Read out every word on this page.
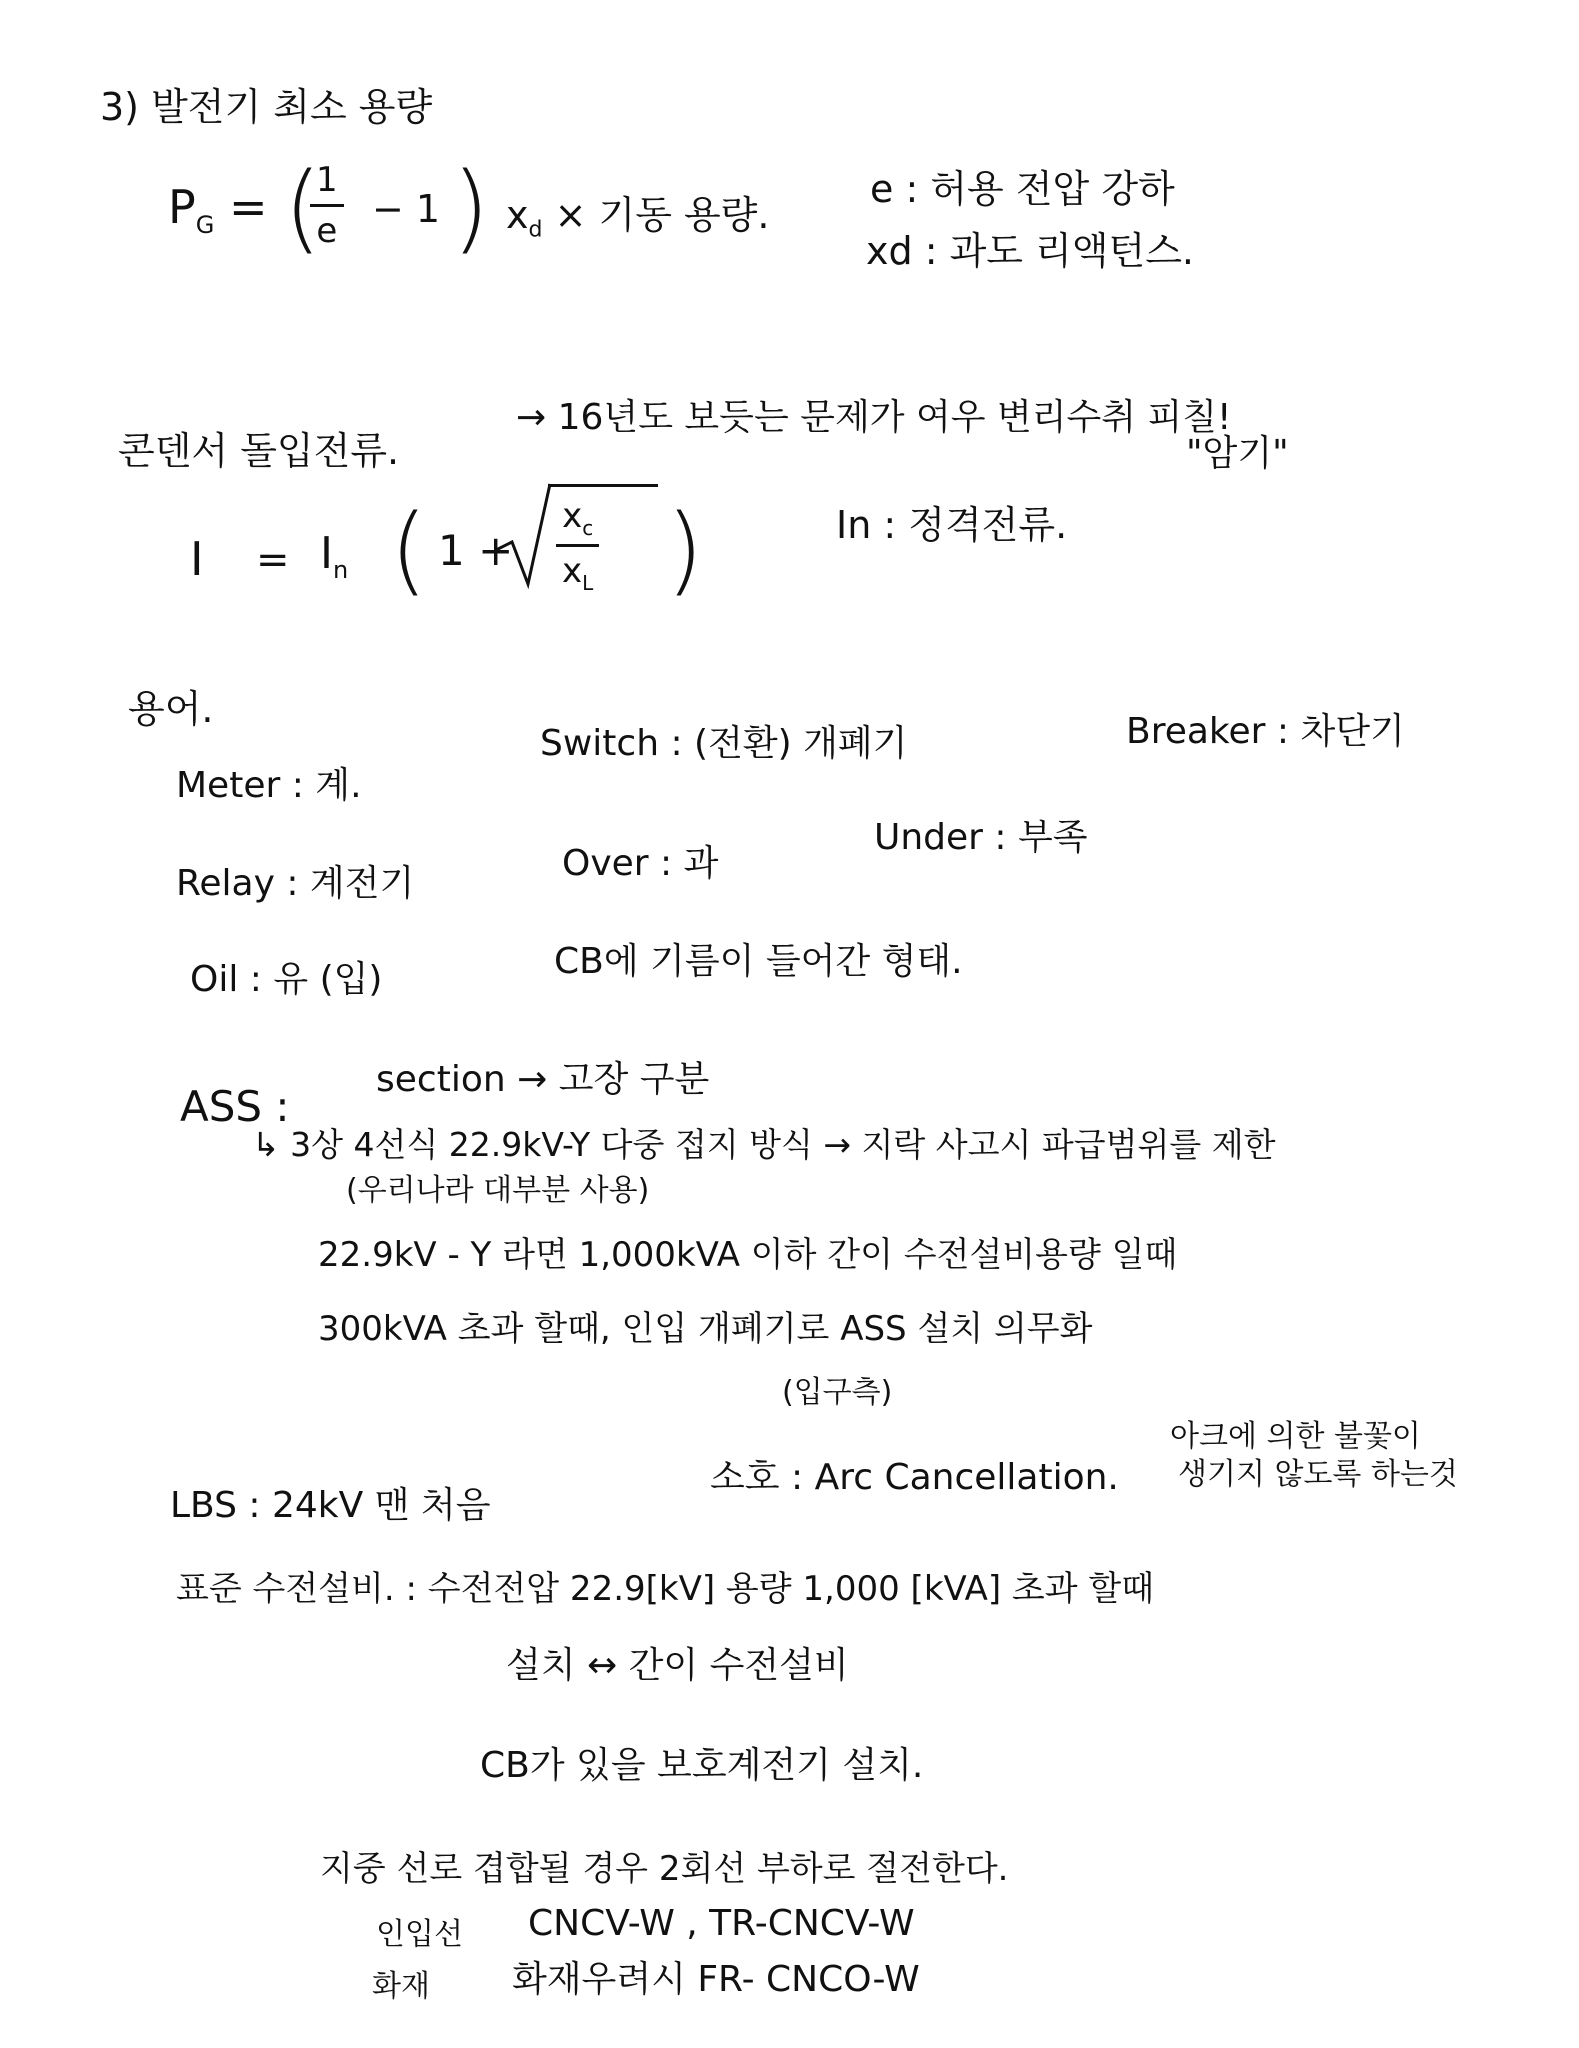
3) 발전기 최소 용량
$P_G$ = (
$\frac{1}{e} - 1$ ) $x_d$ × 기동 용량.
e : 허용 전압 강하
xd : 과도 리액턴스.
콘덴서 돌입전류.
→ 16년도 보듯는 문제가 여우 변리수취 피칠!
"암기"
$I = I_n$ ( $1 + \frac{x_c}{x_L}$ )	In : 정격전류.
용어.
Meter : 계.
Switch : (전환) 개폐기	Breaker : 차단기
Relay : 계전기	Over : 과
Under : 부족
Oil : 유 (입)	CB에 기름이 들어간 형태.
ASS :
section → 고장 구분
↳ 3상 4선식 22.9kV-Y 다중 접지 방식 → 지락 사고시 파급범위를 제한
(우리나라 대부분 사용)
22.9kV - Y 라면 1,000kVA 이하 간이 수전설비용량 일때
300kVA 초과 할때, 인입 개폐기로 ASS 설치 의무화
(입구측)
LBS : 24kV 맨 처음
소호 : Arc Cancellation.
아크에 의한 불꽃이
생기지 않도록 하는것
표준 수전설비. : 수전전압 22.9[kV] 용량 1,000 [kVA] 초과 할때
설치 ↔ 간이 수전설비
CB가 있을 보호계전기 설치.
지중 선로 겹합될 경우 2회선 부하로 절전한다.
인입선 CNCV-W , TR-CNCV-W
화재 화재우려시 FR- CNCO-W
